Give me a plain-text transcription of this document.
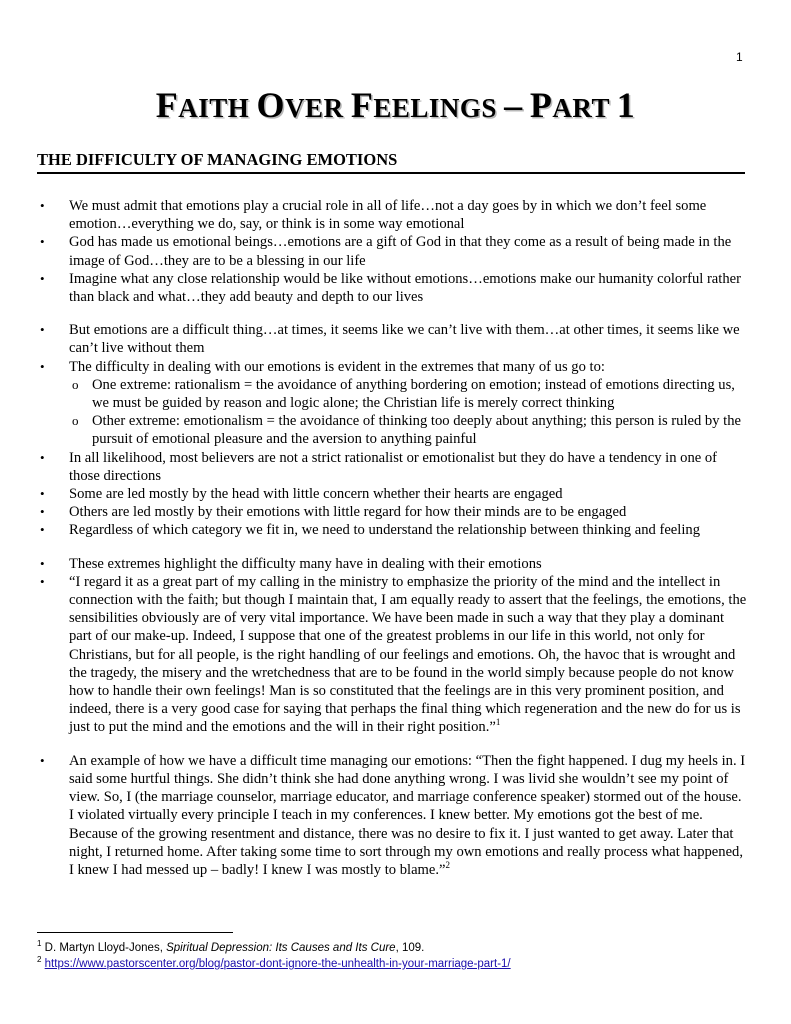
1
FAITH OVER FEELINGS – PART 1
THE DIFFICULTY OF MANAGING EMOTIONS
• We must admit that emotions play a crucial role in all of life…not a day goes by in which we don’t feel some emotion…everything we do, say, or think is in some way emotional
• God has made us emotional beings…emotions are a gift of God in that they come as a result of being made in the image of God…they are to be a blessing in our life
• Imagine what any close relationship would be like without emotions…emotions make our humanity colorful rather than black and what…they add beauty and depth to our lives
• But emotions are a difficult thing…at times, it seems like we can’t live with them…at other times, it seems like we can’t live without them
• The difficulty in dealing with our emotions is evident in the extremes that many of us go to:
o One extreme: rationalism = the avoidance of anything bordering on emotion; instead of emotions directing us, we must be guided by reason and logic alone; the Christian life is merely correct thinking
o Other extreme: emotionalism = the avoidance of thinking too deeply about anything; this person is ruled by the pursuit of emotional pleasure and the aversion to anything painful
• In all likelihood, most believers are not a strict rationalist or emotionalist but they do have a tendency in one of those directions
• Some are led mostly by the head with little concern whether their hearts are engaged
• Others are led mostly by their emotions with little regard for how their minds are to be engaged
• Regardless of which category we fit in, we need to understand the relationship between thinking and feeling
• These extremes highlight the difficulty many have in dealing with their emotions
• “I regard it as a great part of my calling in the ministry to emphasize the priority of the mind and the intellect in connection with the faith; but though I maintain that, I am equally ready to assert that the feelings, the emotions, the sensibilities obviously are of very vital importance. We have been made in such a way that they play a dominant part of our make-up. Indeed, I suppose that one of the greatest problems in our life in this world, not only for Christians, but for all people, is the right handling of our feelings and emotions. Oh, the havoc that is wrought and the tragedy, the misery and the wretchedness that are to be found in the world simply because people do not know how to handle their own feelings! Man is so constituted that the feelings are in this very prominent position, and indeed, there is a very good case for saying that perhaps the final thing which regeneration and the new do for us is just to put the mind and the emotions and the will in their right position.”$^1$
• An example of how we have a difficult time managing our emotions: “Then the fight happened. I dug my heels in. I said some hurtful things. She didn’t think she had done anything wrong. I was livid she wouldn’t see my point of view. So, I (the marriage counselor, marriage educator, and marriage conference speaker) stormed out of the house. I violated virtually every principle I teach in my conferences. I knew better. My emotions got the best of me. Because of the growing resentment and distance, there was no desire to fix it. I just wanted to get away. Later that night, I returned home. After taking some time to sort through my own emotions and really process what happened, I knew I had messed up – badly! I knew I was mostly to blame.”$^2$
$^1$ D. Martyn Lloyd-Jones, Spiritual Depression: Its Causes and Its Cure, 109.
$^2$ https://www.pastorscenter.org/blog/pastor-dont-ignore-the-unhealth-in-your-marriage-part-1/
